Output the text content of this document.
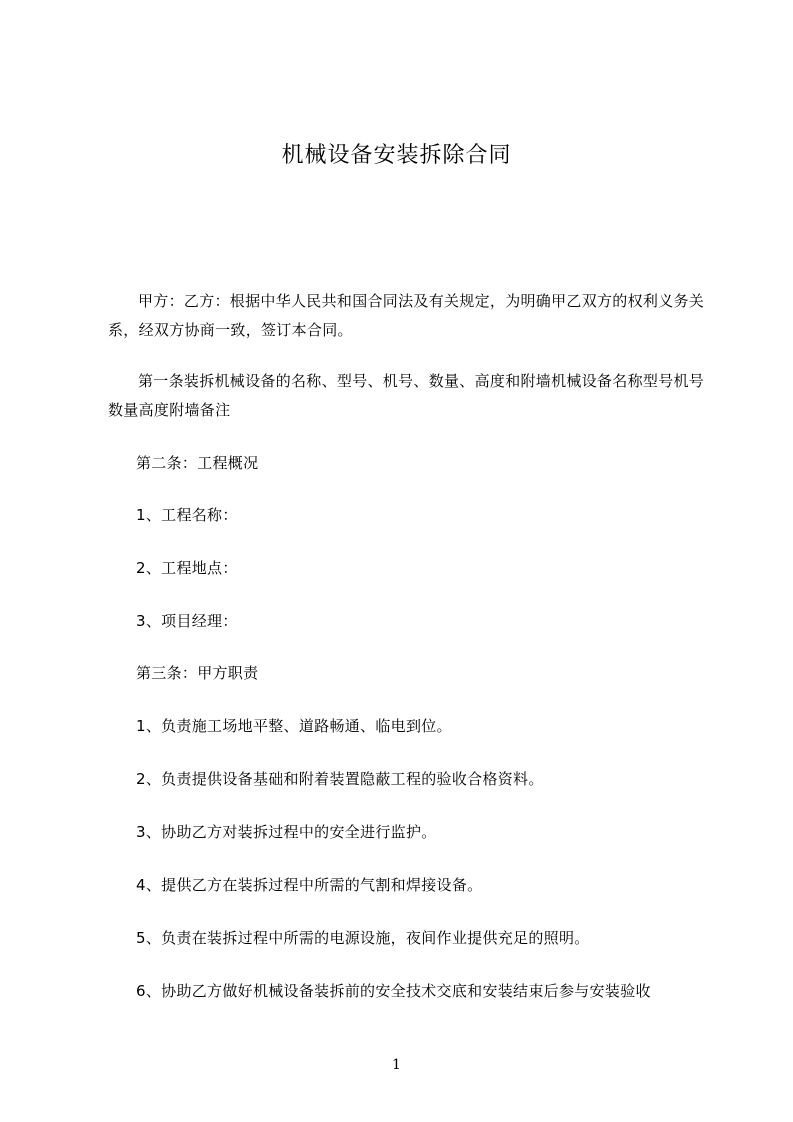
机械设备安装拆除合同

甲方：乙方：根据中华人民共和国合同法及有关规定，为明确甲乙双方的权利义务关系，经双方协商一致，签订本合同。

第一条装拆机械设备的名称、型号、机号、数量、高度和附墙机械设备名称型号机号数量高度附墙备注

第二条：工程概况
1、工程名称：
2、工程地点：
3、项目经理：
第三条：甲方职责
1、负责施工场地平整、道路畅通、临电到位。
2、负责提供设备基础和附着装置隐蔽工程的验收合格资料。
3、协助乙方对装拆过程中的安全进行监护。
4、提供乙方在装拆过程中所需的气割和焊接设备。
5、负责在装拆过程中所需的电源设施，夜间作业提供充足的照明。
6、协助乙方做好机械设备装拆前的安全技术交底和安装结束后参与安装验收
1
